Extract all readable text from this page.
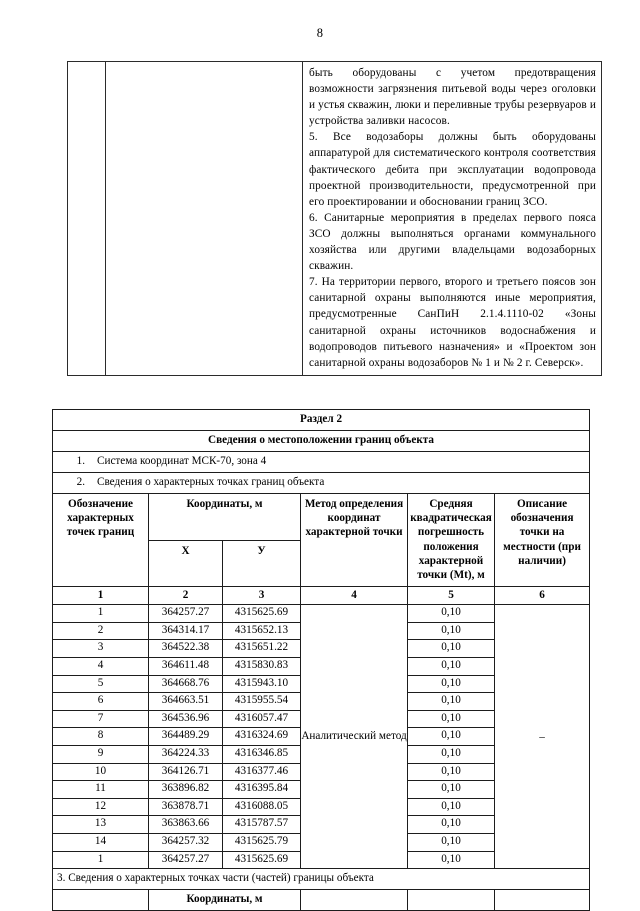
8

быть оборудованы с учетом предотвращения возможности загрязнения питьевой воды через оголовки и устья скважин, люки и переливные трубы резервуаров и устройства заливки насосов.

5. Все водозаборы должны быть оборудованы аппаратурой для систематического контроля соответствия фактического дебита при эксплуатации водопровода проектной производительности, предусмотренной при его проектировании и обосновании границ ЗСО.

6. Санитарные мероприятия в пределах первого пояса ЗСО должны выполняться органами коммунального хозяйства или другими владельцами водозаборных скважин.

7. На территории первого, второго и третьего поясов зон санитарной охраны выполняются иные мероприятия, предусмотренные СанПиН 2.1.4.1110-02 «Зоны санитарной охраны источников водоснабжения и водопроводов питьевого назначения» и «Проектом зон санитарной охраны водозаборов № 1 и № 2 г. Северск».

Раздел 2					
Сведения о местоположении границ объекта					
1. Система координат МСК-70, зона 4					
2. Сведения о характерных точках границ объекта					
Обозначение характерных точек границ	Координаты, м		Метод определения координат характерной точки	Средняя квадратическая погрешность положения характерной точки (Mt), м	Описание обозначения точки на местности (при наличии)
	X	У			
1	2	3	4	5	6
1	364257.27	4315625.69	Аналитический метод	0,10	–
2	364314.17	4315652.13		0,10	
3	364522.38	4315651.22		0,10	
4	364611.48	4315830.83		0,10	
5	364668.76	4315943.10		0,10	
6	364663.51	4315955.54		0,10	
7	364536.96	4316057.47		0,10	
8	364489.29	4316324.69		0,10	
9	364224.33	4316346.85		0,10	
10	364126.71	4316377.46		0,10	
11	363896.82	4316395.84		0,10	
12	363878.71	4316088.05		0,10	
13	363863.66	4315787.57		0,10	
14	364257.32	4315625.79		0,10	
1	364257.27	4315625.69		0,10	
3. Сведения о характерных точках части (частей) границы объекта					
	Координаты, м				
